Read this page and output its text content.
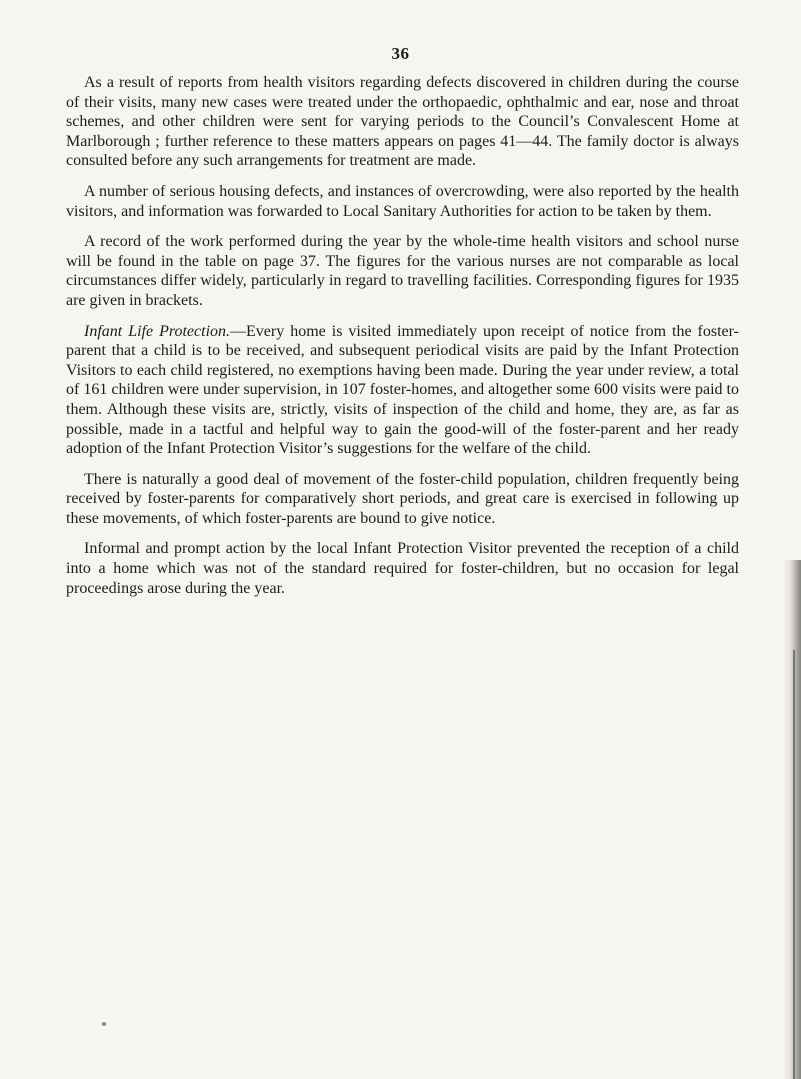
36

As a result of reports from health visitors regarding defects discovered in children during the course of their visits, many new cases were treated under the orthopaedic, ophthalmic and ear, nose and throat schemes, and other children were sent for varying periods to the Council’s Convalescent Home at Marlborough ; further reference to these matters appears on pages 41—44. The family doctor is always consulted before any such arrangements for treatment are made.

A number of serious housing defects, and instances of overcrowding, were also reported by the health visitors, and information was forwarded to Local Sanitary Authorities for action to be taken by them.

A record of the work performed during the year by the whole-time health visitors and school nurse will be found in the table on page 37. The figures for the various nurses are not comparable as local circumstances differ widely, particularly in regard to travelling facilities. Corresponding figures for 1935 are given in brackets.

Infant Life Protection.—Every home is visited immediately upon receipt of notice from the foster-parent that a child is to be received, and subsequent periodical visits are paid by the Infant Protection Visitors to each child registered, no exemptions having been made. During the year under review, a total of 161 children were under supervision, in 107 foster-homes, and altogether some 600 visits were paid to them. Although these visits are, strictly, visits of inspection of the child and home, they are, as far as possible, made in a tactful and helpful way to gain the good-will of the foster-parent and her ready adoption of the Infant Protection Visitor’s suggestions for the welfare of the child.

There is naturally a good deal of movement of the foster-child population, children frequently being received by foster-parents for comparatively short periods, and great care is exercised in following up these movements, of which foster-parents are bound to give notice.

Informal and prompt action by the local Infant Protection Visitor prevented the reception of a child into a home which was not of the standard required for foster-children, but no occasion for legal proceedings arose during the year.
